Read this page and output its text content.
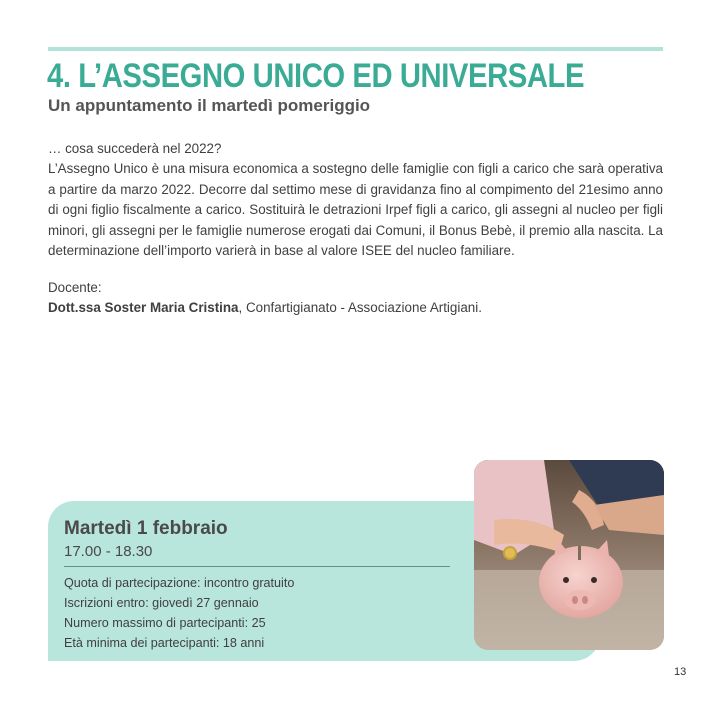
4. L’ASSEGNO UNICO ED UNIVERSALE
Un appuntamento il martedì pomeriggio

… cosa succederà nel 2022?

L’Assegno Unico è una misura economica a sostegno delle famiglie con figli a carico che sarà operativa a partire da marzo 2022. Decorre dal settimo mese di gravidanza fino al compimento del 21esimo anno di ogni figlio fiscalmente a carico. Sostituirà le detrazioni Irpef figli a carico, gli assegni al nucleo per figli minori, gli assegni per le famiglie numerose erogati dai Comuni, il Bonus Bebè, il premio alla nascita. La determinazione dell’importo varierà in base al valore ISEE del nucleo familiare.

Docente:
Dott.ssa Soster Maria Cristina, Confartigianato - Associazione Artigiani.
Martedì 1 febbraio
17.00 - 18.30
Quota di partecipazione: incontro gratuito
Iscrizioni entro: giovedì 27 gennaio
Numero massimo di partecipanti: 25
Età minima dei partecipanti: 18 anni
13
